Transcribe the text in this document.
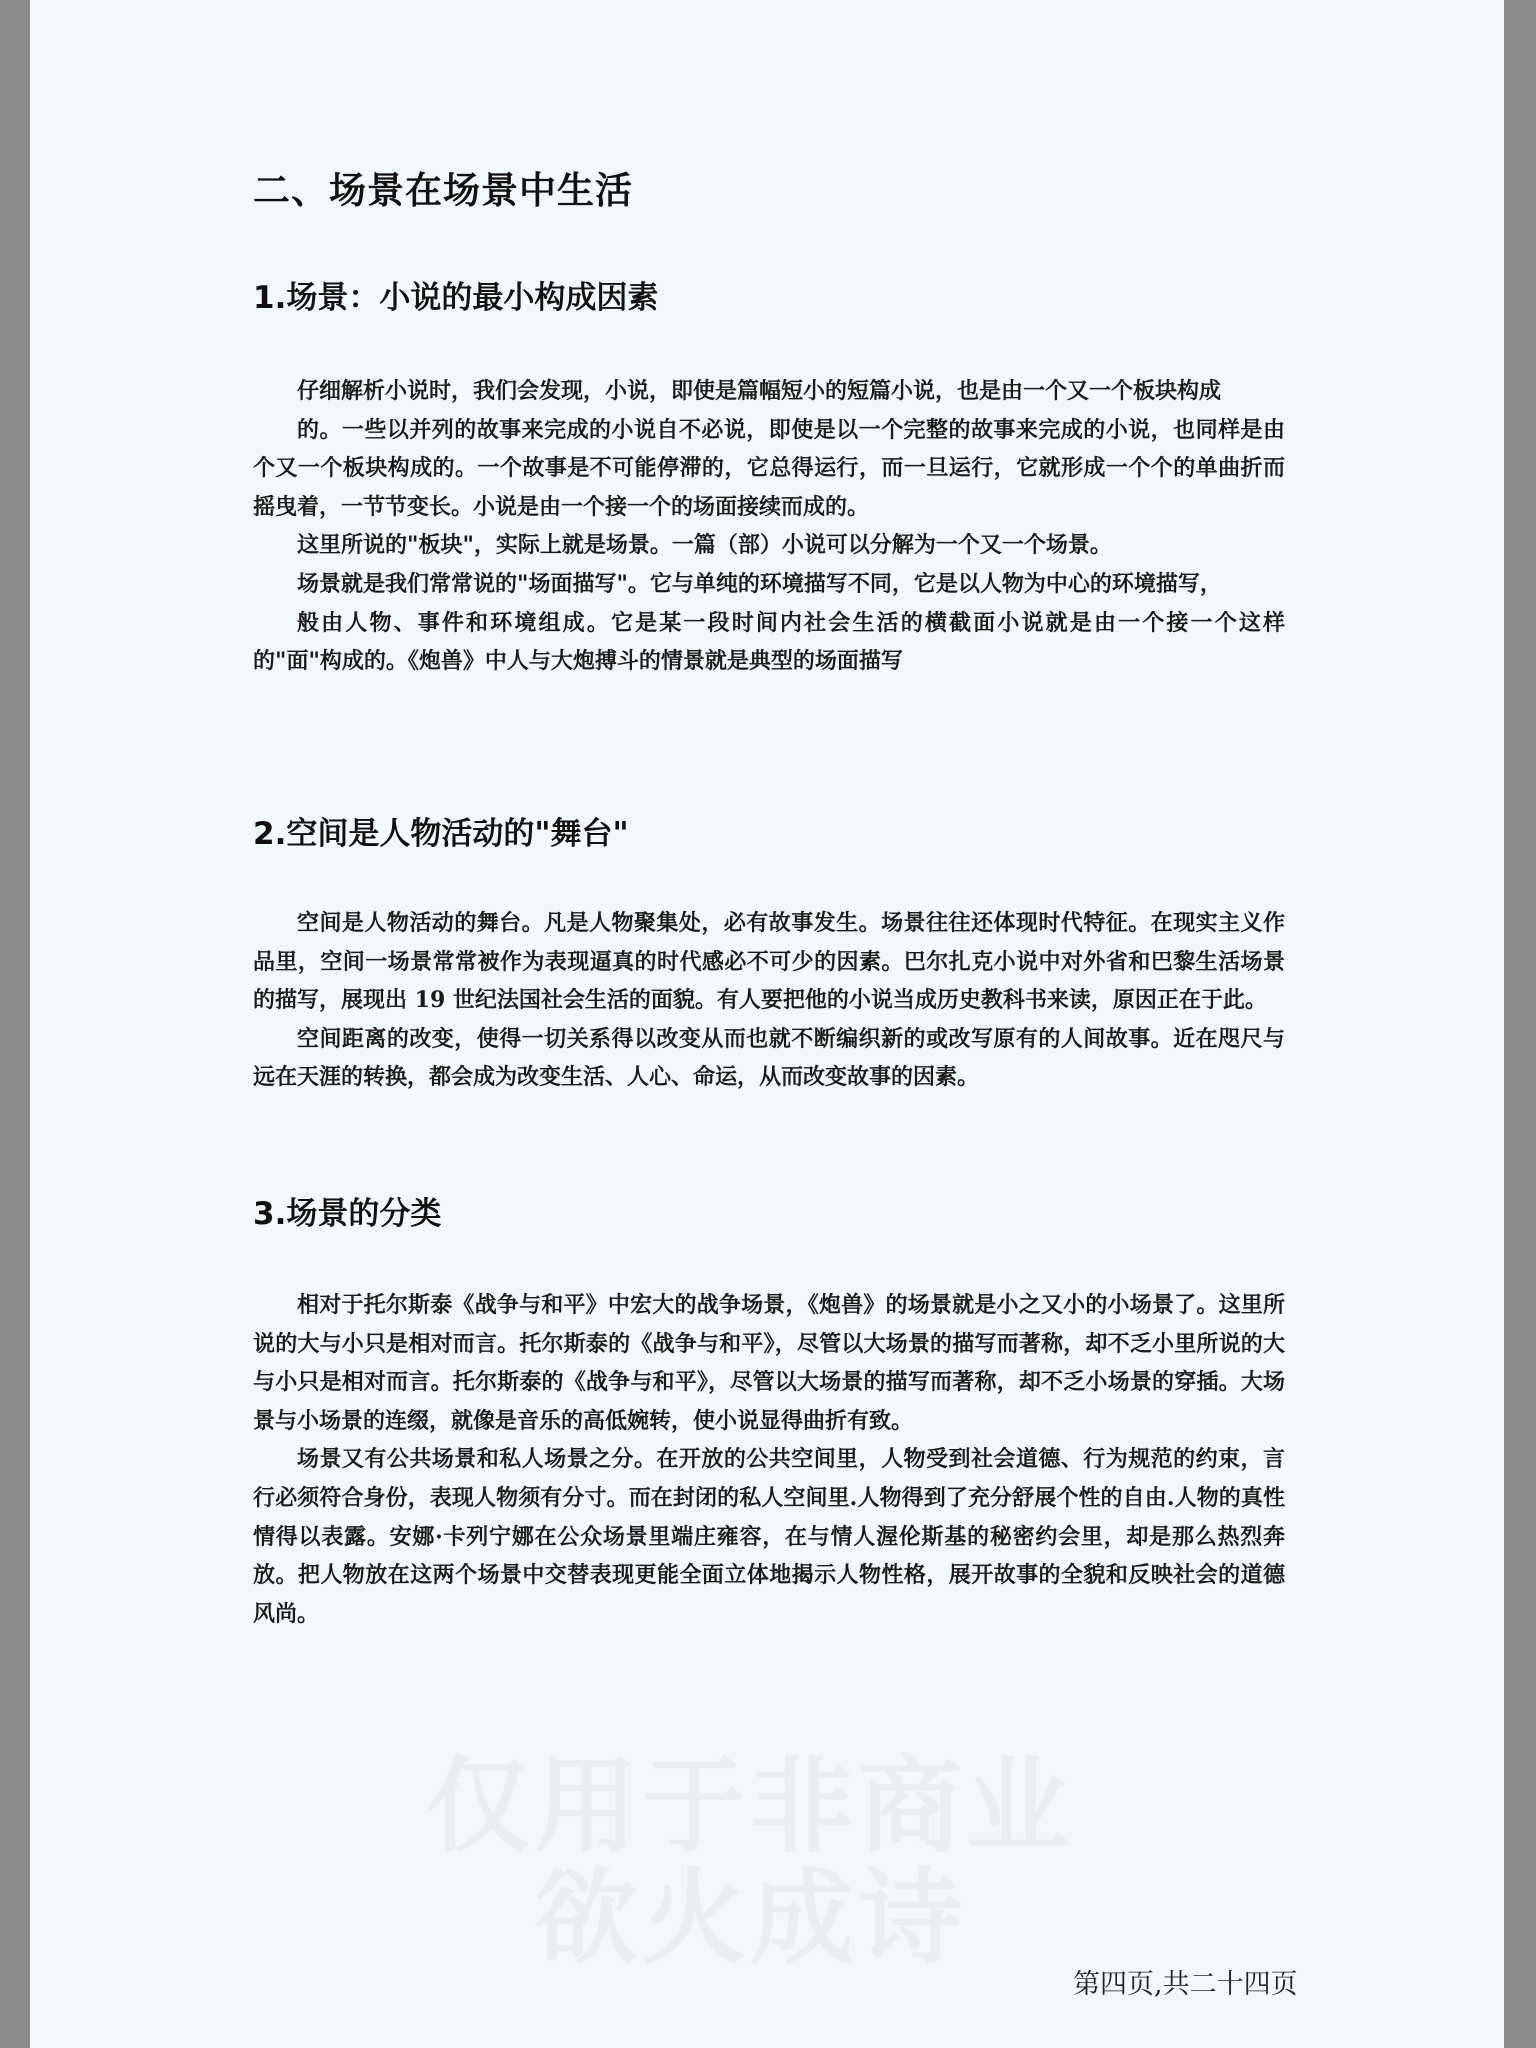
二、场景在场景中生活
1.场景：小说的最小构成因素

仔细解析小说时，我们会发现，小说，即使是篇幅短小的短篇小说，也是由一个又一个板块构成

的。一些以并列的故事来完成的小说自不必说，即使是以一个完整的故事来完成的小说，也同样是由个又一个板块构成的。一个故事是不可能停滞的，它总得运行，而一旦运行，它就形成一个个的单曲折而摇曳着，一节节变长。小说是由一个接一个的场面接续而成的。

这里所说的"板块"，实际上就是场景。一篇（部）小说可以分解为一个又一个场景。

场景就是我们常常说的"场面描写"。它与单纯的环境描写不同，它是以人物为中心的环境描写，

般由人物、事件和环境组成。它是某一段时间内社会生活的横截面小说就是由一个接一个这样的"面"构成的。《炮兽》中人与大炮搏斗的情景就是典型的场面描写

2.空间是人物活动的"舞台"

空间是人物活动的舞台。凡是人物聚集处，必有故事发生。场景往往还体现时代特征。在现实主义作品里，空间一场景常常被作为表现逼真的时代感必不可少的因素。巴尔扎克小说中对外省和巴黎生活场景的描写，展现出 19 世纪法国社会生活的面貌。有人要把他的小说当成历史教科书来读，原因正在于此。

空间距离的改变，使得一切关系得以改变从而也就不断编织新的或改写原有的人间故事。近在咫尺与远在天涯的转换，都会成为改变生活、人心、命运，从而改变故事的因素。

3.场景的分类

相对于托尔斯泰《战争与和平》中宏大的战争场景，《炮兽》的场景就是小之又小的小场景了。这里所说的大与小只是相对而言。托尔斯泰的《战争与和平》，尽管以大场景的描写而著称，却不乏小里所说的大与小只是相对而言。托尔斯泰的《战争与和平》，尽管以大场景的描写而著称，却不乏小场景的穿插。大场景与小场景的连缀，就像是音乐的高低婉转，使小说显得曲折有致。

场景又有公共场景和私人场景之分。在开放的公共空间里，人物受到社会道德、行为规范的约束，言行必须符合身份，表现人物须有分寸。而在封闭的私人空间里.人物得到了充分舒展个性的自由.人物的真性情得以表露。安娜·卡列宁娜在公众场景里端庄雍容，在与情人渥伦斯基的秘密约会里，却是那么热烈奔放。把人物放在这两个场景中交替表现更能全面立体地揭示人物性格，展开故事的全貌和反映社会的道德风尚。

第四页,共二十四页
